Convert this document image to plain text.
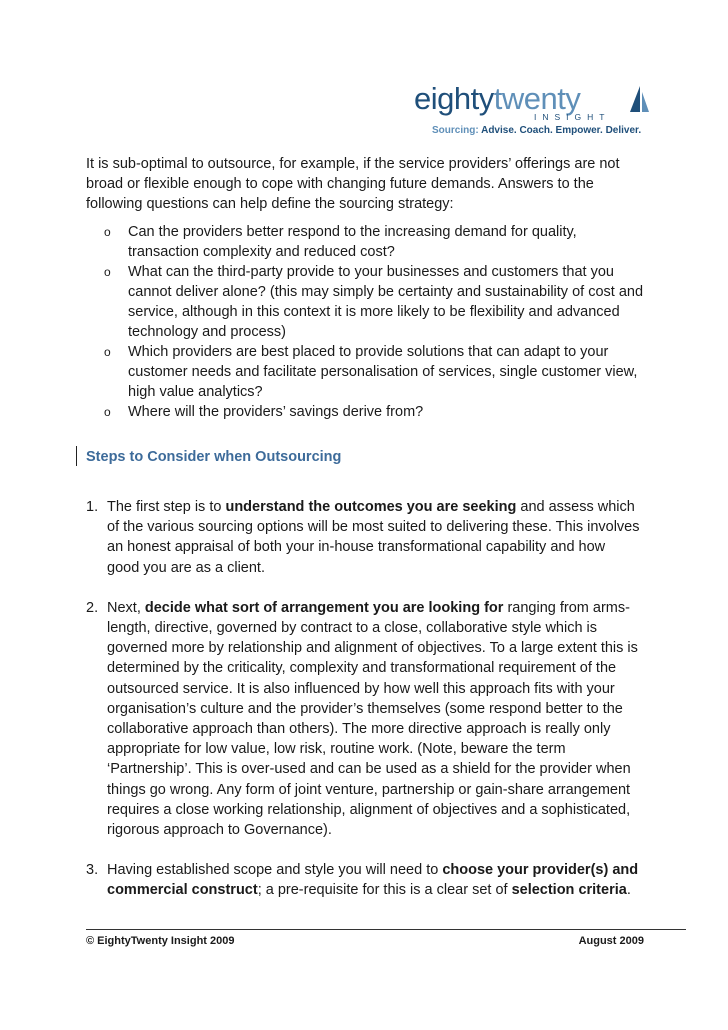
eightytwenty
INSIGHT
Sourcing: Advise. Coach. Empower. Deliver.

It is sub-optimal to outsource, for example, if the service providers’ offerings are not broad or flexible enough to cope with changing future demands. Answers to the following questions can help define the sourcing strategy:

o Can the providers better respond to the increasing demand for quality, transaction complexity and reduced cost?
o What can the third-party provide to your businesses and customers that you cannot deliver alone? (this may simply be certainty and sustainability of cost and service, although in this context it is more likely to be flexibility and advanced technology and process)
o Which providers are best placed to provide solutions that can adapt to your customer needs and facilitate personalisation of services, single customer view, high value analytics?
o Where will the providers’ savings derive from?
Steps to Consider when Outsourcing
1. The first step is to understand the outcomes you are seeking and assess which of the various sourcing options will be most suited to delivering these. This involves an honest appraisal of both your in-house transformational capability and how good you are as a client.
2. Next, decide what sort of arrangement you are looking for ranging from arms-length, directive, governed by contract to a close, collaborative style which is governed more by relationship and alignment of objectives. To a large extent this is determined by the criticality, complexity and transformational requirement of the outsourced service. It is also influenced by how well this approach fits with your organisation’s culture and the provider’s themselves (some respond better to the collaborative approach than others). The more directive approach is really only appropriate for low value, low risk, routine work. (Note, beware the term ‘Partnership’. This is over-used and can be used as a shield for the provider when things go wrong. Any form of joint venture, partnership or gain-share arrangement requires a close working relationship, alignment of objectives and a sophisticated, rigorous approach to Governance).
3. Having established scope and style you will need to choose your provider(s) and commercial construct; a pre-requisite for this is a clear set of selection criteria.
© EightyTwenty Insight 2009	August 2009
